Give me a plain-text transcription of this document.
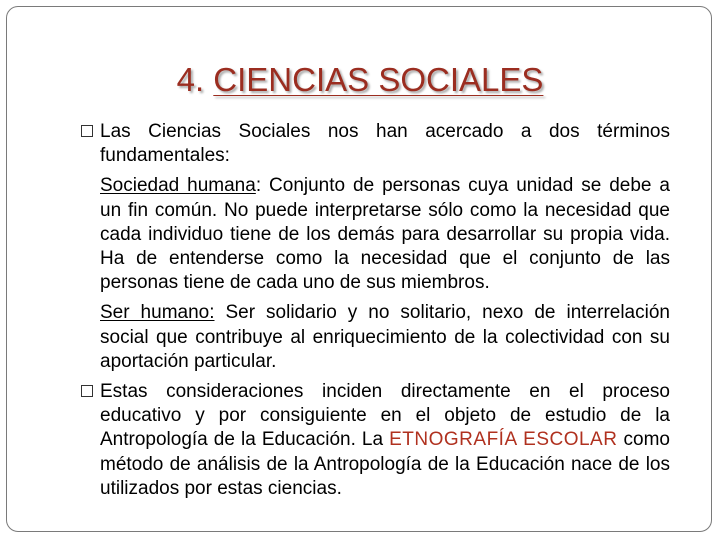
4. CIENCIAS SOCIALES
Las Ciencias Sociales nos han acercado a dos términos
fundamentales:

Sociedad humana: Conjunto de personas cuya unidad se debe a un fin común. No puede interpretarse sólo como la necesidad que cada individuo tiene de los demás para desarrollar su propia vida. Ha de entenderse como la necesidad que el conjunto de las personas tiene de cada uno de sus miembros.

Ser humano: Ser solidario y no solitario, nexo de interrelación social que contribuye al enriquecimiento de la colectividad con su aportación particular.

Estas consideraciones inciden directamente en el proceso educativo y por consiguiente en el objeto de estudio de la Antropología de la Educación. La ETNOGRAFÍA ESCOLAR como método de análisis de la Antropología de la Educación nace de los utilizados por estas ciencias.
